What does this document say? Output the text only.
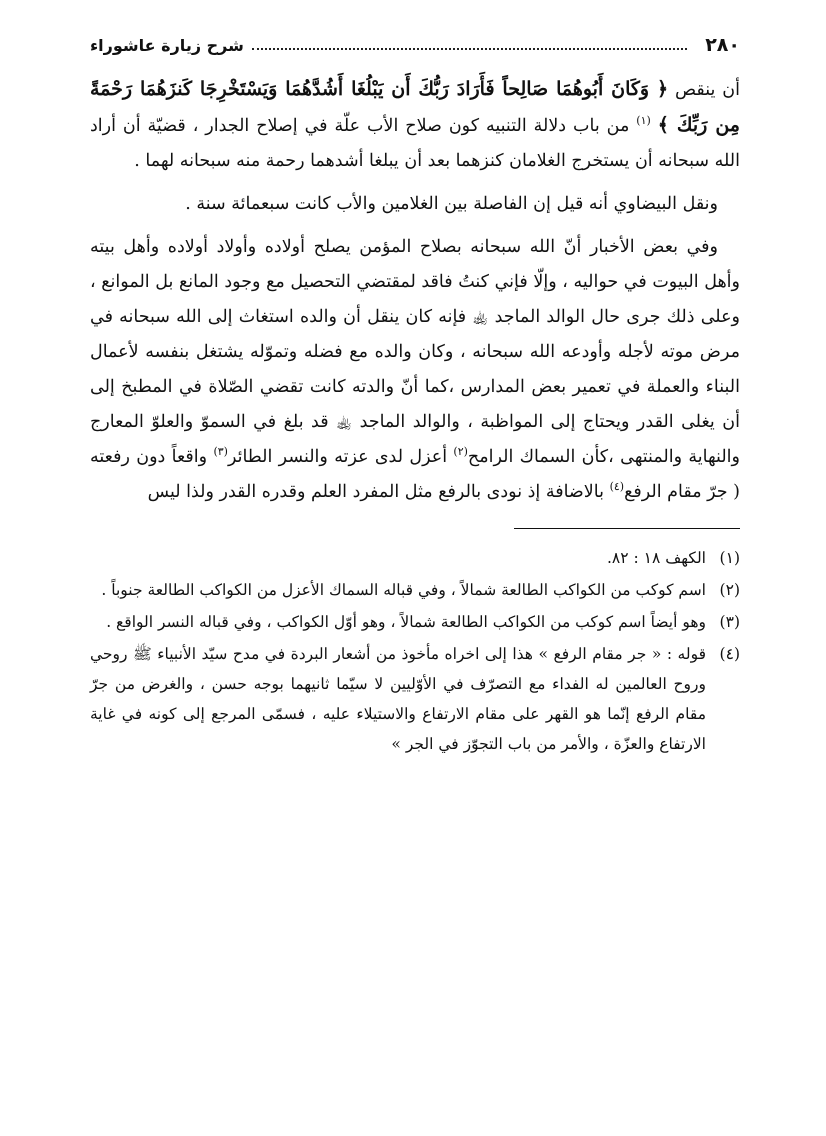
٢٨٠
شرح زيارة عاشوراء

أن ينقص ﴿ وَكَانَ أَبُوهُمَا صَالِحاً فَأَرَادَ رَبُّكَ أَن يَبْلُغَا أَشُدَّهُمَا وَيَسْتَخْرِجَا كَنزَهُمَا رَحْمَةً مِن رَبِّكَ ﴾ $^{(١)}$ من باب دلالة التنبيه كون صلاح الأب علّة في إصلاح الجدار ، قضيّة أن أراد الله سبحانه أن يستخرج الغلامان كنزهما بعد أن يبلغا أشدهما رحمة منه سبحانه لهما .

ونقل البيضاوي أنه قيل إن الفاصلة بين الغلامين والأب كانت سبعمائة سنة .

وفي بعض الأخبار أنّ الله سبحانه بصلاح المؤمن يصلح أولاده وأولاد أولاده وأهل بيته وأهل البيوت في حواليه ، وإلّا فإني كنتُ فاقد لمقتضي التحصيل مع وجود المانع بل الموانع ، وعلى ذلك جرى حال الوالد الماجد ﵀ فإنه كان ينقل أن والده استغاث إلى الله سبحانه في مرض موته لأجله وأودعه الله سبحانه ، وكان والده مع فضله وتموّله يشتغل بنفسه لأعمال البناء والعملة في تعمير بعض المدارس ،كما أنّ والدته كانت تقضي الصّلاة في المطبخ إلى أن يغلى القدر ويحتاج إلى المواظبة ، والوالد الماجد ﵀ قد بلغ في السموّ والعلوّ المعارج والنهاية والمنتهى ،كأن السماك الرامح$^{(٢)}$ أعزل لدى عزته والنسر الطائر$^{(٣)}$ واقعاً دون رفعته ( جرّ مقام الرفع$^{(٤)}$ بالاضافة إذ نودى بالرفع مثل المفرد العلم وقدره القدر ولذا ليس

(١)
الكهف ١٨ : ٨٢.
(٢)
اسم كوكب من الكواكب الطالعة شمالاً ، وفي قباله السماك الأعزل من الكواكب الطالعة جنوباً .
(٣)
وهو أيضاً اسم كوكب من الكواكب الطالعة شمالاً ، وهو أوّل الكواكب ، وفي قباله النسر الواقع .
(٤)
قوله : « جر مقام الرفع » هذا إلى اخراه مأخوذ من أشعار البردة في مدح سيّد الأنبياء ﷺ روحي وروح العالمين له الفداء مع التصرّف في الأوّليين لا سيّما ثانيهما بوجه حسن ، والغرض من جرّ مقام الرفع إنّما هو القهر على مقام الارتفاع والاستيلاء عليه ، فسمّى المرجع إلى كونه في غاية الارتفاع والعزّة ، والأمر من باب التجوّز في الجر »
